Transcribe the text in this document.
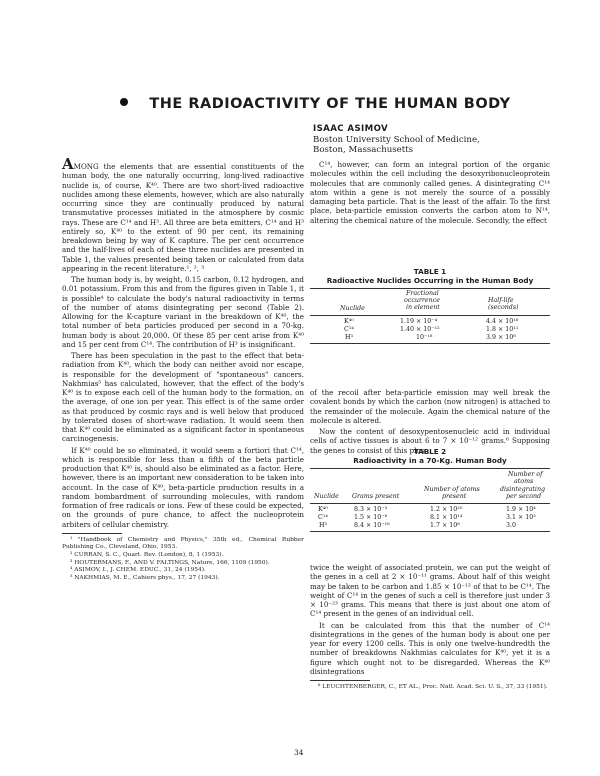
THE RADIOACTIVITY OF THE HUMAN BODY
ISAAC ASIMOV
Boston University School of Medicine,
Boston, Massachusetts

AMONG the elements that are essential constituents of the human body, the one naturally occurring, long-lived radioactive nuclide is, of course, K⁴⁰. There are two short-lived radioactive nuclides among these elements, however, which are also naturally occurring since they are continually produced by natural transmutative processes initiated in the atmosphere by cosmic rays. These are C¹⁴ and H³. All three are beta emitters, C¹⁴ and H³ entirely so, K⁴⁰ to the extent of 90 per cent, its remaining breakdown being by way of K capture. The per cent occurrence and the half-lives of each of these three nuclides are presented in Table 1, the values presented being taken or calculated from data appearing in the recent literature.¹, ², ³

The human body is, by weight, 0.15 carbon, 0.12 hydrogen, and 0.01 potassium. From this and from the figures given in Table 1, it is possible⁴ to calculate the body's natural radioactivity in terms of the number of atoms disintegrating per second (Table 2). Allowing for the K-capture variant in the breakdown of K⁴⁰, the total number of beta particles produced per second in a 70-kg. human body is about 20,000. Of these 85 per cent arise from K⁴⁰ and 15 per cent from C¹⁴. The contribution of H³ is insignificant.

There has been speculation in the past to the effect that beta-radiation from K⁴⁰, which the body can neither avoid nor escape, is responsible for the development of "spontaneous" cancers. Nakhmias⁵ has calculated, however, that the effect of the body's K⁴⁰ is to expose each cell of the human body to the formation, on the average, of one ion per year. This effect is of the same order as that produced by cosmic rays and is well below that produced by tolerated doses of short-wave radiation. It would seem then that K⁴⁰ could be eliminated as a significant factor in spontaneous carcinogenesis.

If K⁴⁰ could be so eliminated, it would seem a fortiori that C¹⁴, which is responsible for less than a fifth of the beta particle production that K⁴⁰ is, should also be eliminated as a factor. Here, however, there is an important new consideration to be taken into account. In the case of K⁴⁰, beta-particle production results in a random bombardment of surrounding molecules, with random formation of free radicals or ions. Few of these could be expected, on the grounds of pure chance, to affect the nucleoprotein arbiters of cellular chemistry.

¹ "Handbook of Chemistry and Physics," 35th ed., Chemical Rubber Publishing Co., Cleveland, Ohio, 1953.

² CURRAN, S. C., Quart. Rev. (London), 8, 1 (1953).

³ HOUTERMANS, F., AND V. FALTINGS, Nature, 166, 1109 (1950).

⁴ ASIMOV, I., J. CHEM. EDUC., 31, 24 (1954).

⁵ NAKHMIAS, M. E., Cahiers phys., 17, 27 (1943).

C¹⁴, however, can form an integral portion of the organic molecules within the cell including the desoxyribonucleoprotein molecules that are commonly called genes. A disintegrating C¹⁴ atom within a gene is not merely the source of a possibly damaging beta particle. That is the least of the affair. To the first place, beta-particle emission converts the carbon atom to N¹⁴, altering the chemical nature of the molecule. Secondly, the effect

TABLE 1
Radioactive Nuclides Occurring in the Human Body
Nuclide
Fractional
occurrence
in element
Half-life
(seconds)
K⁴⁰	1.19 × 10⁻⁴	4.4 × 10¹⁶
C¹⁴	1.40 × 10⁻¹²	1.8 × 10¹¹
H³	10⁻¹⁸	3.9 × 10⁸

of the recoil after beta-particle emission may well break the covalent bonds by which the carbon (now nitrogen) is attached to the remainder of the molecule. Again the chemical nature of the molecule is altered.

Now the content of desoxypentosenucleic acid in individual cells of active tissues is about 6 to 7 × 10⁻¹² grams.⁶ Supposing the genes to consist of this plus

TABLE 2
Radioactivity in a 70-Kg. Human Body
Nuclide Grams present
Number of atoms
present
Number of
atoms
disintegrating
per second
K⁴⁰	8.3 × 10⁻³	1.2 × 10²⁰	1.9 × 10⁴
C¹⁴	1.5 × 10⁻⁸	8.1 × 10¹⁴	3.1 × 10³
H³	8.4 × 10⁻¹⁶	1.7 × 10⁸	3.0

twice the weight of associated protein, we can put the weight of the genes in a cell at 2 × 10⁻¹¹ grams. About half of this weight may be taken to be carbon and 1.85 × 10⁻¹² of that to be C¹⁴. The weight of C¹⁴ in the genes of such a cell is therefore just under 3 × 10⁻²³ grams. This means that there is just about one atom of C¹⁴ present in the genes of an individual cell.

It can be calculated from this that the number of C¹⁴ disintegrations in the genes of the human body is about one per year for every 1200 cells. This is only one twelve-hundredth the number of breakdowns Nakhmias calculates for K⁴⁰, yet it is a figure which ought not to be disregarded. Whereas the K⁴⁰ disintegrations

⁶ LEUCHTENBERGER, C., ET AL., Proc. Natl. Acad. Sci. U. S., 37, 33 (1951).

34
